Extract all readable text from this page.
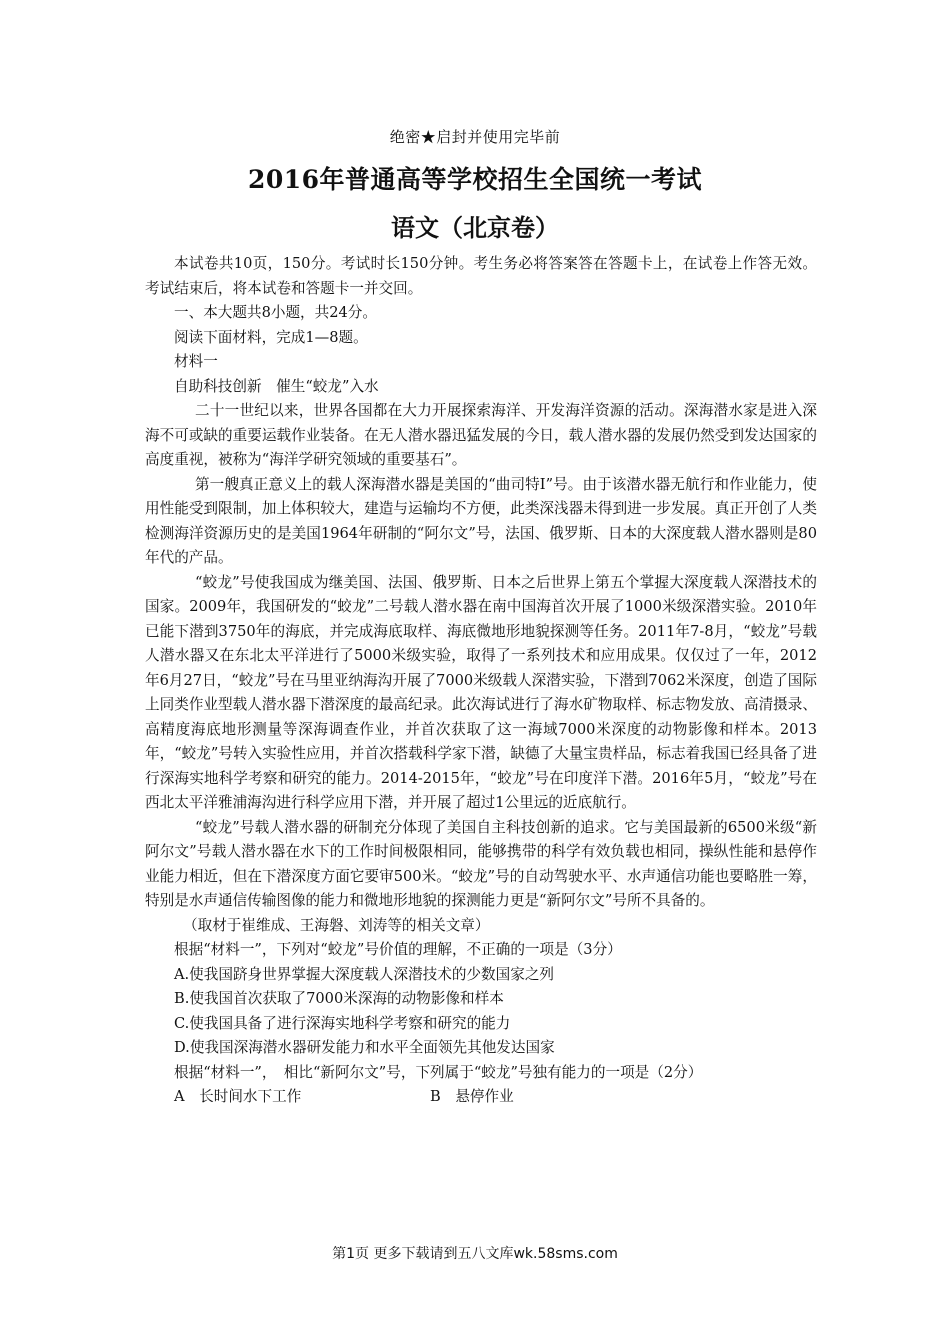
绝密★启封并使用完毕前
2016年普通高等学校招生全国统一考试
语文（北京卷）

本试卷共10页，150分。考试时长150分钟。考生务必将答案答在答题卡上，在试卷上作答无效。考试结束后，将本试卷和答题卡一并交回。

一、本大题共8小题，共24分。

阅读下面材料，完成1—8题。

材料一

自助科技创新　催生“蛟龙”入水

二十一世纪以来，世界各国都在大力开展探索海洋、开发海洋资源的活动。深海潜水家是进入深海不可或缺的重要运载作业装备。在无人潜水器迅猛发展的今日，载人潜水器的发展仍然受到发达国家的高度重视，被称为“海洋学研究领域的重要基石”。

第一艘真正意义上的载人深海潜水器是美国的“曲司特Ⅰ”号。由于该潜水器无航行和作业能力，使用性能受到限制，加上体积较大，建造与运输均不方便，此类深浅器未得到进一步发展。真正开创了人类检测海洋资源历史的是美国1964年研制的“阿尔文”号，法国、俄罗斯、日本的大深度载人潜水器则是80年代的产品。

“蛟龙”号使我国成为继美国、法国、俄罗斯、日本之后世界上第五个掌握大深度载人深潜技术的国家。2009年，我国研发的“蛟龙”二号载人潜水器在南中国海首次开展了1000米级深潜实验。2010年已能下潜到3750年的海底，并完成海底取样、海底微地形地貌探测等任务。2011年7-8月，“蛟龙”号载人潜水器又在东北太平洋进行了5000米级实验，取得了一系列技术和应用成果。仅仅过了一年，2012年6月27日，“蛟龙”号在马里亚纳海沟开展了7000米级载人深潜实验，下潜到7062米深度，创造了国际上同类作业型载人潜水器下潜深度的最高纪录。此次海试进行了海水矿物取样、标志物发放、高清摄录、高精度海底地形测量等深海调查作业，并首次获取了这一海域7000米深度的动物影像和样本。2013年，“蛟龙”号转入实验性应用，并首次搭载科学家下潜，缺德了大量宝贵样品，标志着我国已经具备了进行深海实地科学考察和研究的能力。2014-2015年，“蛟龙”号在印度洋下潜。2016年5月，“蛟龙”号在西北太平洋雅浦海沟进行科学应用下潜，并开展了超过1公里远的近底航行。

“蛟龙”号载人潜水器的研制充分体现了美国自主科技创新的追求。它与美国最新的6500米级“新阿尔文”号载人潜水器在水下的工作时间极限相同，能够携带的科学有效负载也相同，操纵性能和悬停作业能力相近，但在下潜深度方面它要审500米。“蛟龙”号的自动驾驶水平、水声通信功能也要略胜一筹，特别是水声通信传输图像的能力和微地形地貌的探测能力更是“新阿尔文”号所不具备的。

（取材于崔维成、王海磐、刘涛等的相关文章）

根据“材料一”，下列对“蛟龙”号价值的理解，不正确的一项是（3分）

A.使我国跻身世界掌握大深度载人深潜技术的少数国家之列

B.使我国首次获取了7000米深海的动物影像和样本

C.使我国具备了进行深海实地科学考察和研究的能力

D.使我国深海潜水器研发能力和水平全面领先其他发达国家

根据“材料一”，　相比“新阿尔文”号，下列属于“蛟龙”号独有能力的一项是（2分）

A　长时间水下工作	B　悬停作业

第1页 更多下载请到五八文库wk.58sms.com
